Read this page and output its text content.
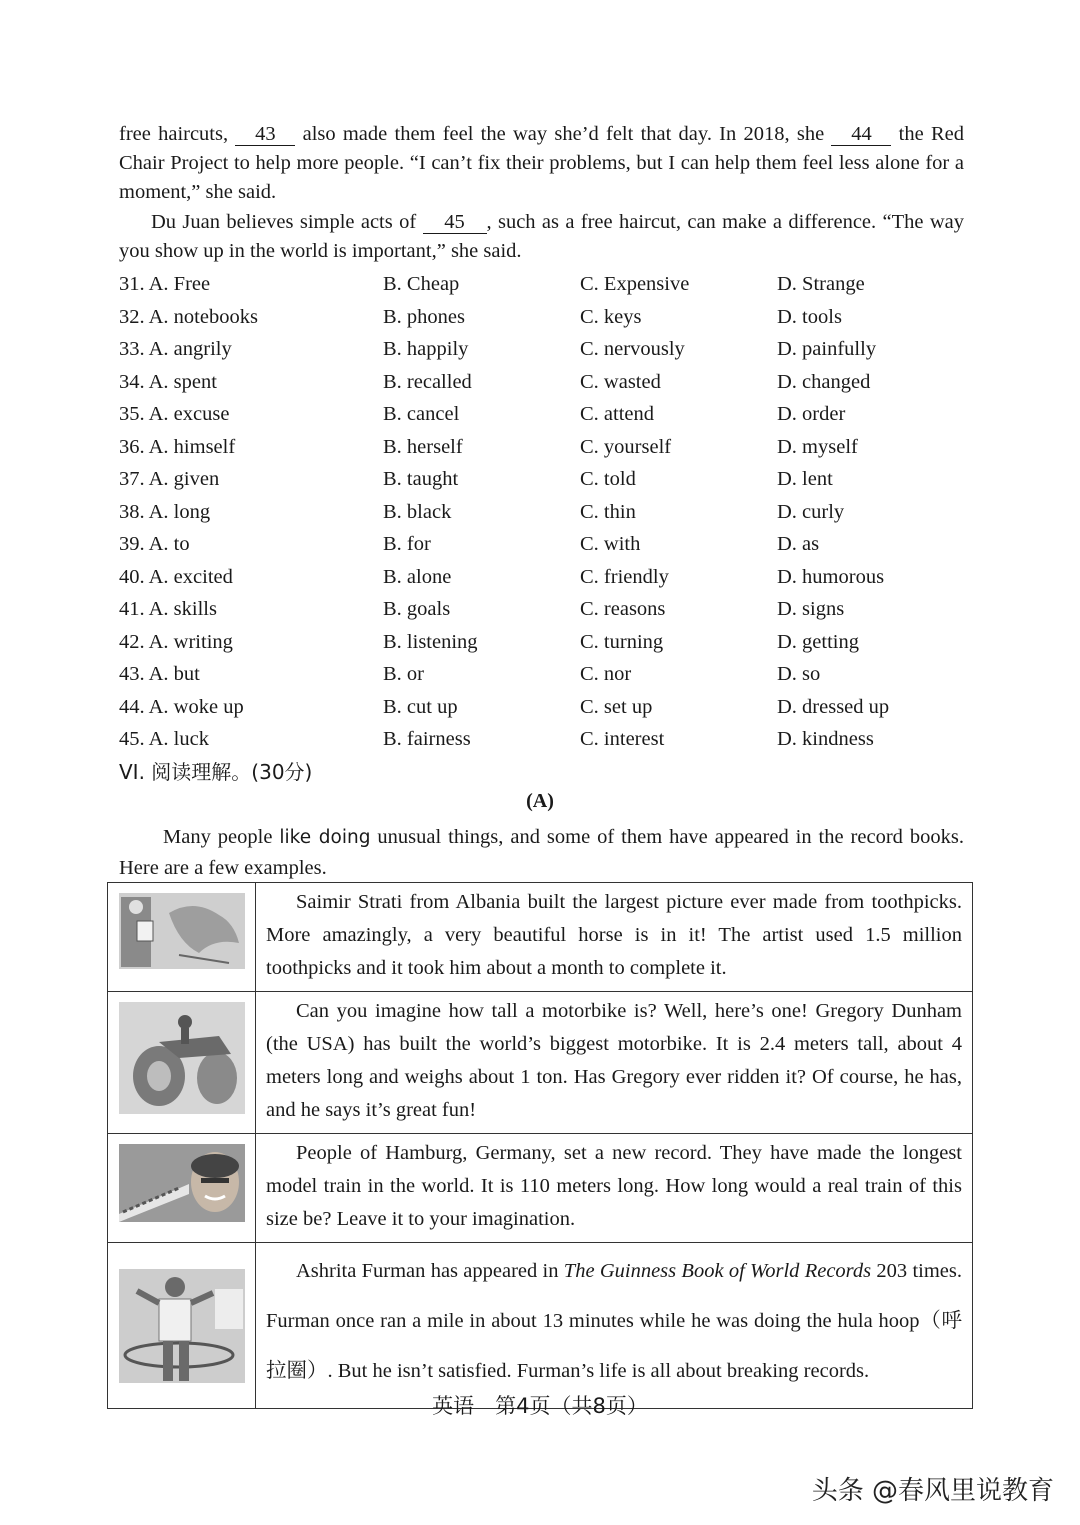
free haircuts, 43 also made them feel the way she’d felt that day. In 2018, she 44 the Red Chair Project to help more people. “I can’t fix their problems, but I can help them feel less alone for a moment,” she said.
Du Juan believes simple acts of 45 , such as a free haircut, can make a difference. “The way you show up in the world is important,” she said.
31. A. Free	B. Cheap	C. Expensive	D. Strange
32. A. notebooks	B. phones	C. keys	D. tools
33. A. angrily	B. happily	C. nervously	D. painfully
34. A. spent	B. recalled	C. wasted	D. changed
35. A. excuse	B. cancel	C. attend	D. order
36. A. himself	B. herself	C. yourself	D. myself
37. A. given	B. taught	C. told	D. lent
38. A. long	B. black	C. thin	D. curly
39. A. to	B. for	C. with	D. as
40. A. excited	B. alone	C. friendly	D. humorous
41. A. skills	B. goals	C. reasons	D. signs
42. A. writing	B. listening	C. turning	D. getting
43. A. but	B. or	C. nor	D. so
44. A. woke up	B. cut up	C. set up	D. dressed up
45. A. luck	B. fairness	C. interest	D. kindness
VI. 阅读理解。(30分)
(A)
Many people like doing unusual things, and some of them have appeared in the record books. Here are a few examples.
	Saimir Strati from Albania built the largest picture ever made from toothpicks. More amazingly, a very beautiful horse is in it! The artist used 1.5 million toothpicks and it took him about a month to complete it.

	Can you imagine how tall a motorbike is? Well, here’s one! Gregory Dunham (the USA) has built the world’s biggest motorbike. It is 2.4 meters tall, about 4 meters long and weighs about 1 ton. Has Gregory ever ridden it? Of course, he has, and he says it’s great fun!

	People of Hamburg, Germany, set a new record. They have made the longest model train in the world. It is 110 meters long. How long would a real train of this size be? Leave it to your imagination.

	Ashrita Furman has appeared in The Guinness Book of World Records 203 times. Furman once ran a mile in about 13 minutes while he was doing the hula hoop（呼拉圈）. But he isn’t satisfied. Furman’s life is all about breaking records.
英语　第4页（共8页）
头条 @春风里说教育
